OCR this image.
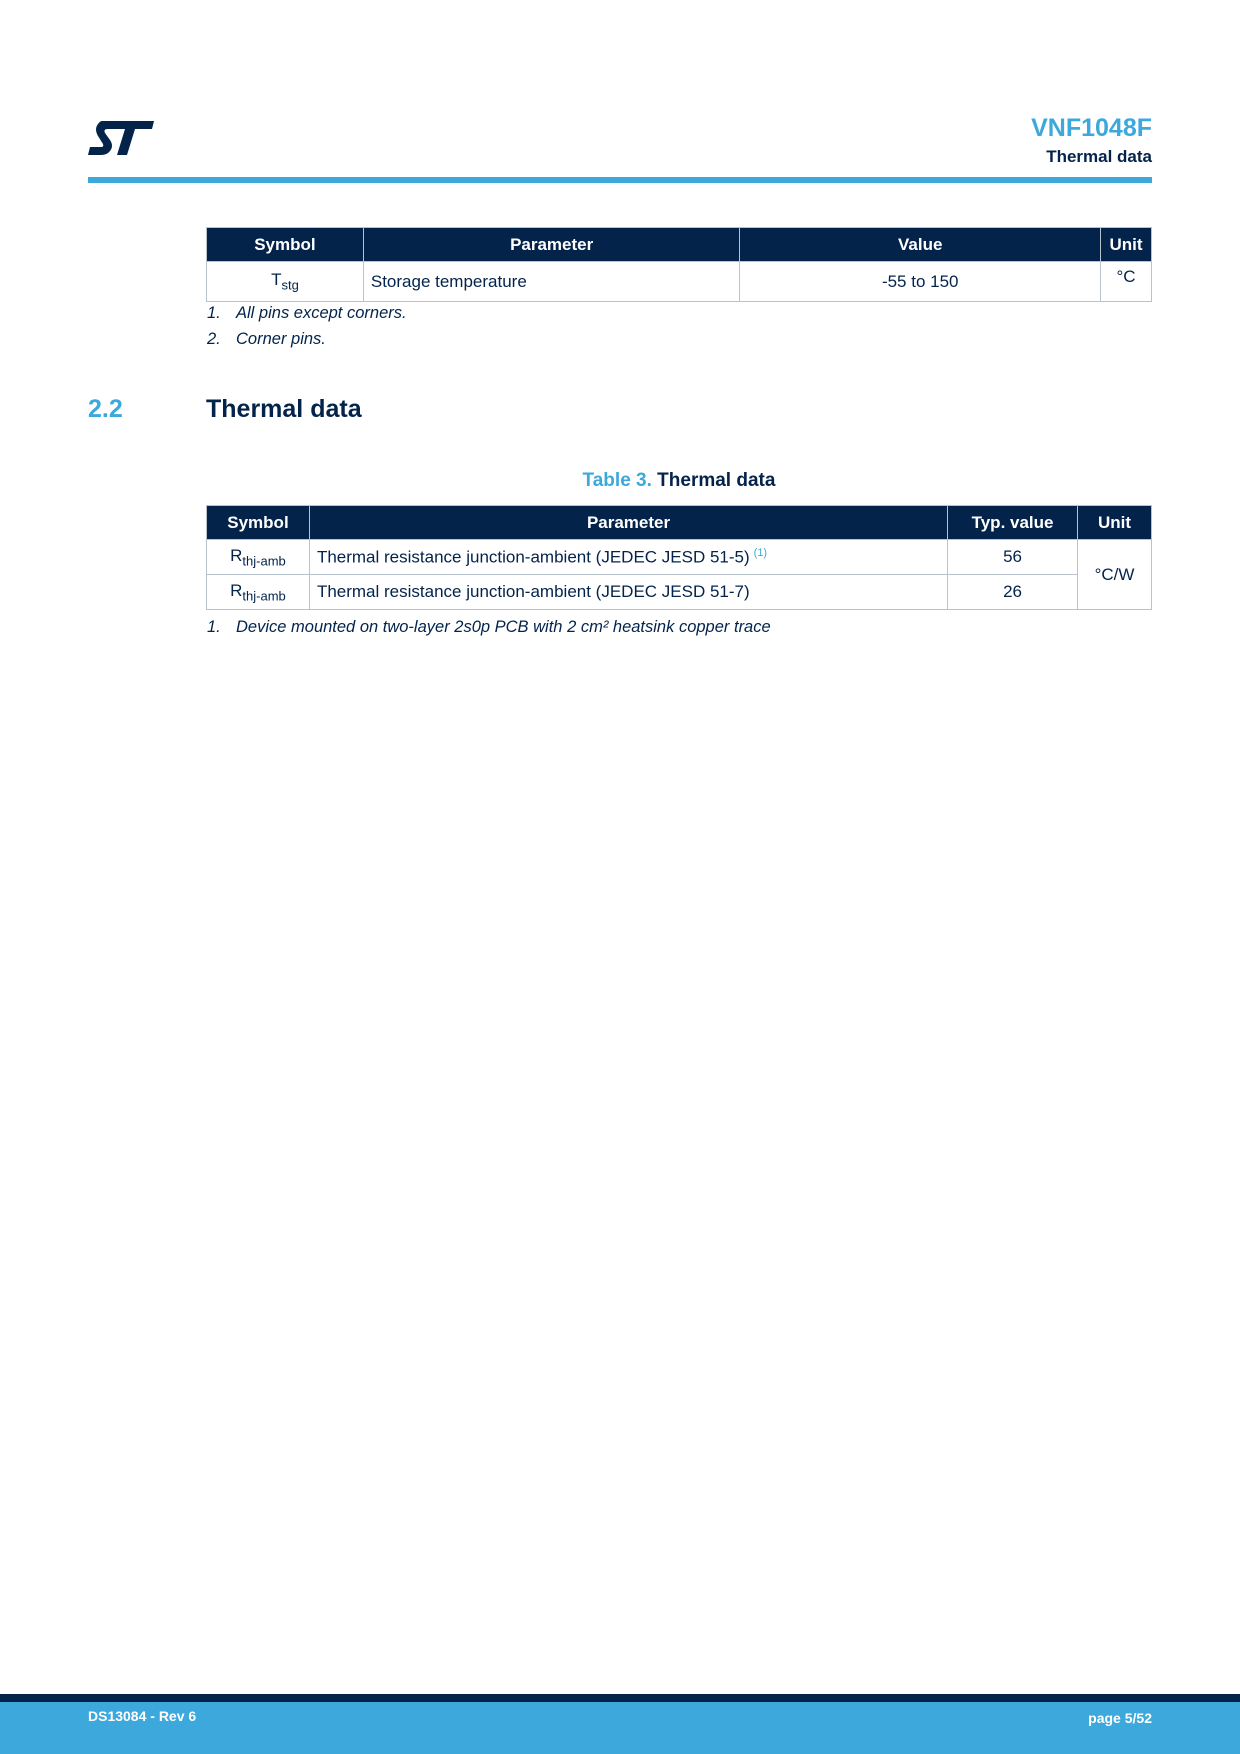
VNF1048F
Thermal data
Symbol	Parameter	Value	Unit
$T_{stg}$	Storage temperature	-55 to 150	°C
1. All pins except corners.
2. Corner pins.
2.2	Thermal data
Table 3. Thermal data
Symbol	Parameter	Typ. value	Unit
$R_{thj-amb}$	Thermal resistance junction-ambient (JEDEC JESD 51-5) $^{(1)}$	56	°C/W
$R_{thj-amb}$	Thermal resistance junction-ambient (JEDEC JESD 51-7)	26	
1. Device mounted on two-layer 2s0p PCB with 2 cm² heatsink copper trace
DS13084 - Rev 6	page 5/52
